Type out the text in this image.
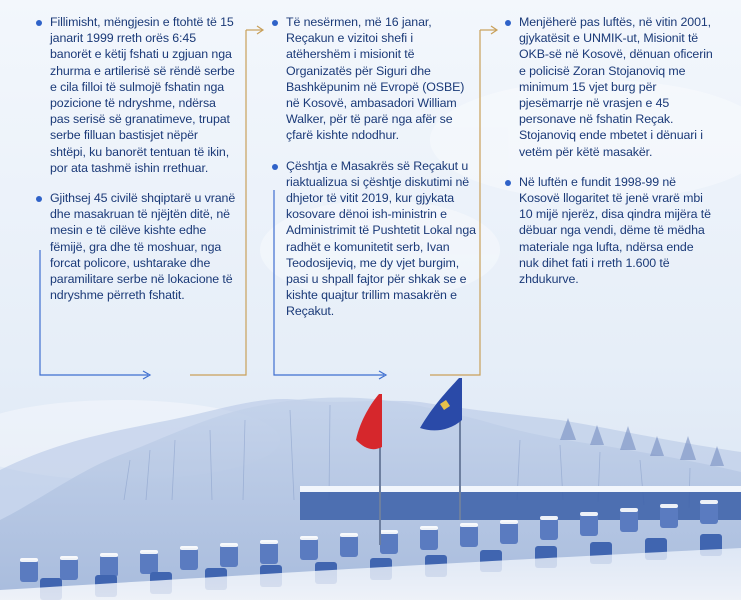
Fillimisht, mëngjesin e ftohtë të 15 janarit 1999 rreth orës 6:45 banorët e këtij fshati u zgjuan nga zhurma e artilerisë së rëndë serbe e cila filloi të sulmojë fshatin nga pozicione të ndryshme, ndërsa pas serisë së granatimeve, trupat serbe filluan bastisjet nëpër shtëpi, ku banorët tentuan të ikin, por ata tashmë ishin rrethuar.

Gjithsej 45 civilë shqiptarë u vranë dhe masakruan të njëjtën ditë, në mesin e të cilëve kishte edhe fëmijë, gra dhe të moshuar, nga forcat policore, ushtarake dhe paramilitare serbe në lokacione të ndryshme përreth fshatit.

Të nesërmen, më 16 janar, Reçakun e vizitoi shefi i atëhershëm i misionit të Organizatës për Siguri dhe Bashkëpunim në Evropë (OSBE) në Kosovë, ambasadori William Walker, për të parë nga afër se çfarë kishte ndodhur.

Çështja e Masakrës së Reçakut u riaktualizua si çështje diskutimi në dhjetor të vitit 2019, kur gjykata kosovare dënoi ish-ministrin e Administrimit të Pushtetit Lokal nga radhët e komunitetit serb, Ivan Teodosijeviq, me dy vjet burgim, pasi u shpall fajtor për shkak se e kishte quajtur trillim masakrën e Reçakut.

Menjëherë pas luftës, në vitin 2001, gjykatësit e UNMIK-ut, Misionit të OKB-së në Kosovë, dënuan oficerin e policisë Zoran Stojanoviq me minimum 15 vjet burg për pjesëmarrje në vrasjen e 45 personave në fshatin Reçak. Stojanoviq ende mbetet i dënuari i vetëm për këtë masakër.

Në luftën e fundit 1998-99 në Kosovë llogaritet të jenë vrarë mbi 10 mijë njerëz, disa qindra mijëra të dëbuar nga vendi, dëme të mëdha materiale nga lufta, ndërsa ende nuk dihet fati i rreth 1.600 të zhdukurve.
